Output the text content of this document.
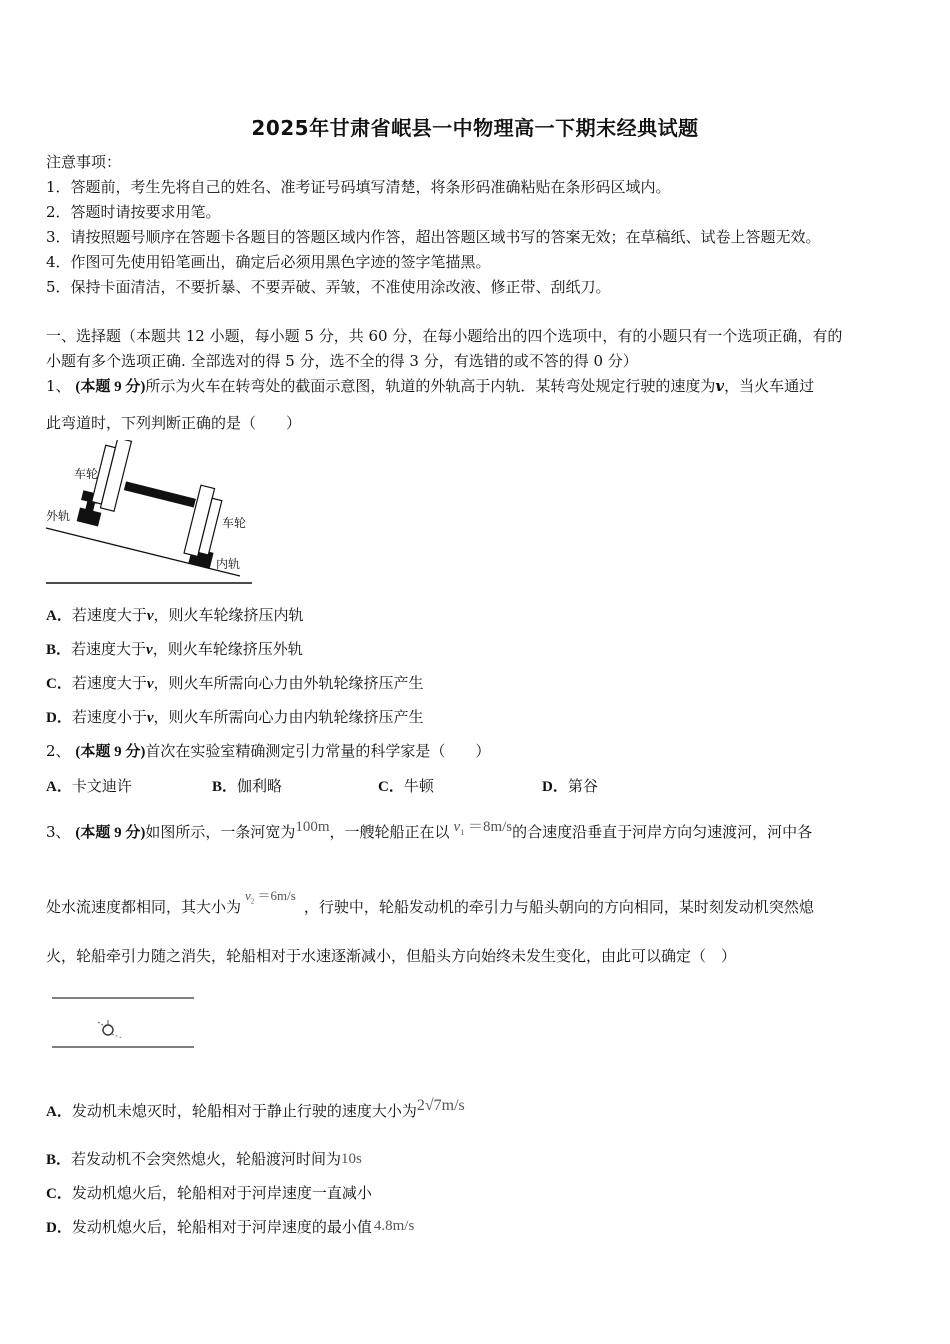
2025年甘肃省岷县一中物理高一下期末经典试题
注意事项：
1．答题前，考生先将自己的姓名、准考证号码填写清楚，将条形码准确粘贴在条形码区域内。
2．答题时请按要求用笔。
3．请按照题号顺序在答题卡各题目的答题区域内作答，超出答题区域书写的答案无效；在草稿纸、试卷上答题无效。
4．作图可先使用铅笔画出，确定后必须用黑色字迹的签字笔描黑。
5．保持卡面清洁，不要折暴、不要弄破、弄皱，不准使用涂改液、修正带、刮纸刀。
一、选择题（本题共 12 小题，每小题 5 分，共 60 分，在每小题给出的四个选项中，有的小题只有一个选项正确，有的
小题有多个选项正确. 全部选对的得 5 分，选不全的得 3 分，有选错的或不答的得 0 分）
1、 (本题 9 分)所示为火车在转弯处的截面示意图，轨道的外轨高于内轨．某转弯处规定行驶的速度为v，当火车通过
此弯道时，下列判断正确的是（　　）
车轮
外轨	车轮
内轨
A．若速度大于v，则火车轮缘挤压内轨
B．若速度大于v，则火车轮缘挤压外轨
C．若速度大于v，则火车所需向心力由外轨轮缘挤压产生
D．若速度小于v，则火车所需向心力由内轨轮缘挤压产生
2、 (本题 9 分)首次在实验室精确测定引力常量的科学家是（　　）
A．卡文迪许	B．伽利略	C．牛顿	D．第谷
3、 (本题 9 分)如图所示，一条河宽为100m，一艘轮船正在以 $v_1 =8m/s$的合速度沿垂直于河岸方向匀速渡河，河中各
处水流速度都相同，其大小为$v_2 =6m/s$，行驶中，轮船发动机的牵引力与船头朝向的方向相同，某时刻发动机突然熄
火，轮船牵引力随之消失，轮船相对于水速逐渐减小，但船头方向始终未发生变化，由此可以确定（　）
A．发动机未熄灭时，轮船相对于静止行驶的速度大小为2√7m/s
B．若发动机不会突然熄火，轮船渡河时间为10s
C．发动机熄火后，轮船相对于河岸速度一直减小
D．发动机熄火后，轮船相对于河岸速度的最小值 4.8m/s
